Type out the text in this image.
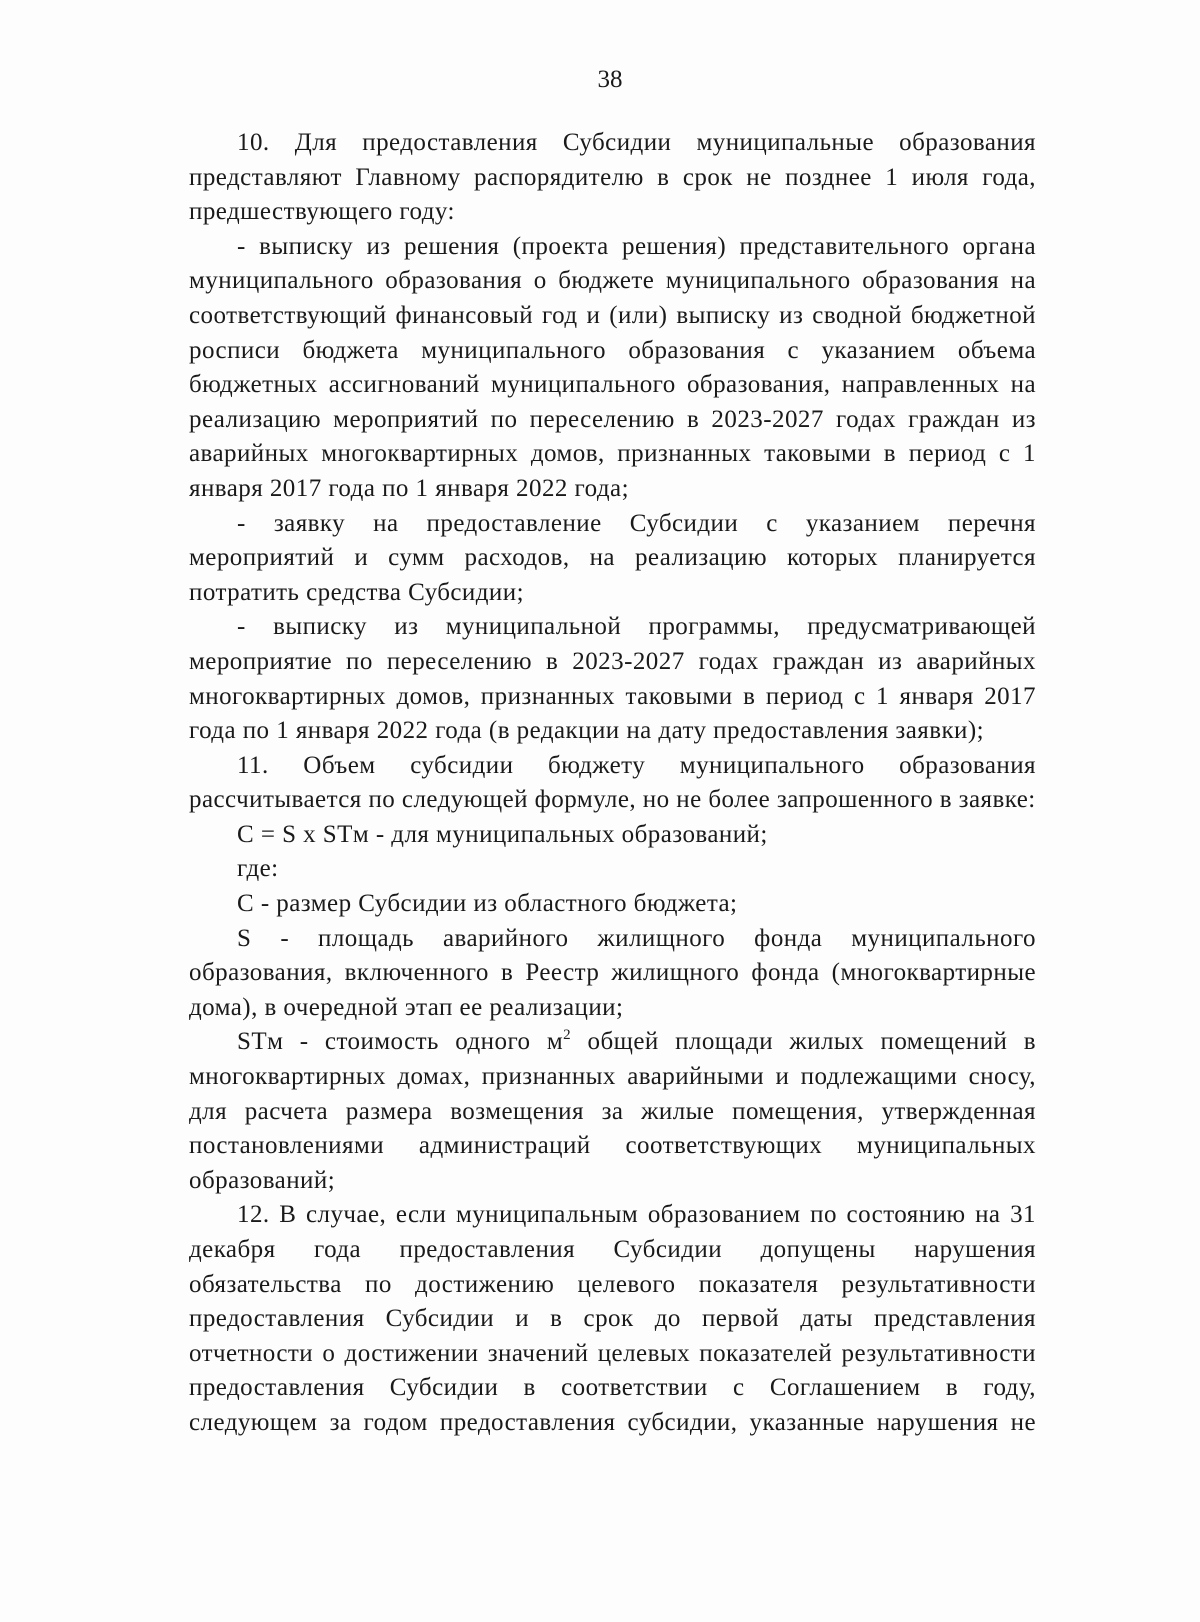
38

10. Для предоставления Субсидии муниципальные образования представляют Главному распорядителю в срок не позднее 1 июля года, предшествующего году:

- выписку из решения (проекта решения) представительного органа муниципального образования о бюджете муниципального образования на соответствующий финансовый год и (или) выписку из сводной бюджетной росписи бюджета муниципального образования с указанием объема бюджетных ассигнований муниципального образования, направленных на реализацию мероприятий по переселению в 2023-2027 годах граждан из аварийных многоквартирных домов, признанных таковыми в период с 1 января 2017 года по 1 января 2022 года;

- заявку на предоставление Субсидии с указанием перечня мероприятий и сумм расходов, на реализацию которых планируется потратить средства Субсидии;

- выписку из муниципальной программы, предусматривающей мероприятие по переселению в 2023-2027 годах граждан из аварийных многоквартирных домов, признанных таковыми в период с 1 января 2017 года по 1 января 2022 года (в редакции на дату предоставления заявки);

11. Объем субсидии бюджету муниципального образования рассчитывается по следующей формуле, но не более запрошенного в заявке:

C = S x STм - для муниципальных образований;

где:

C - размер Субсидии из областного бюджета;

S - площадь аварийного жилищного фонда муниципального образования, включенного в Реестр жилищного фонда (многоквартирные дома), в очередной этап ее реализации;

STм - стоимость одного $м^2$ общей площади жилых помещений в многоквартирных домах, признанных аварийными и подлежащими сносу, для расчета размера возмещения за жилые помещения, утвержденная постановлениями администраций соответствующих муниципальных образований;

12. В случае, если муниципальным образованием по состоянию на 31 декабря года предоставления Субсидии допущены нарушения обязательства по достижению целевого показателя результативности предоставления Субсидии и в срок до первой даты представления отчетности о достижении значений целевых показателей результативности предоставления Субсидии в соответствии с Соглашением в году, следующем за годом предоставления субсидии, указанные нарушения не
